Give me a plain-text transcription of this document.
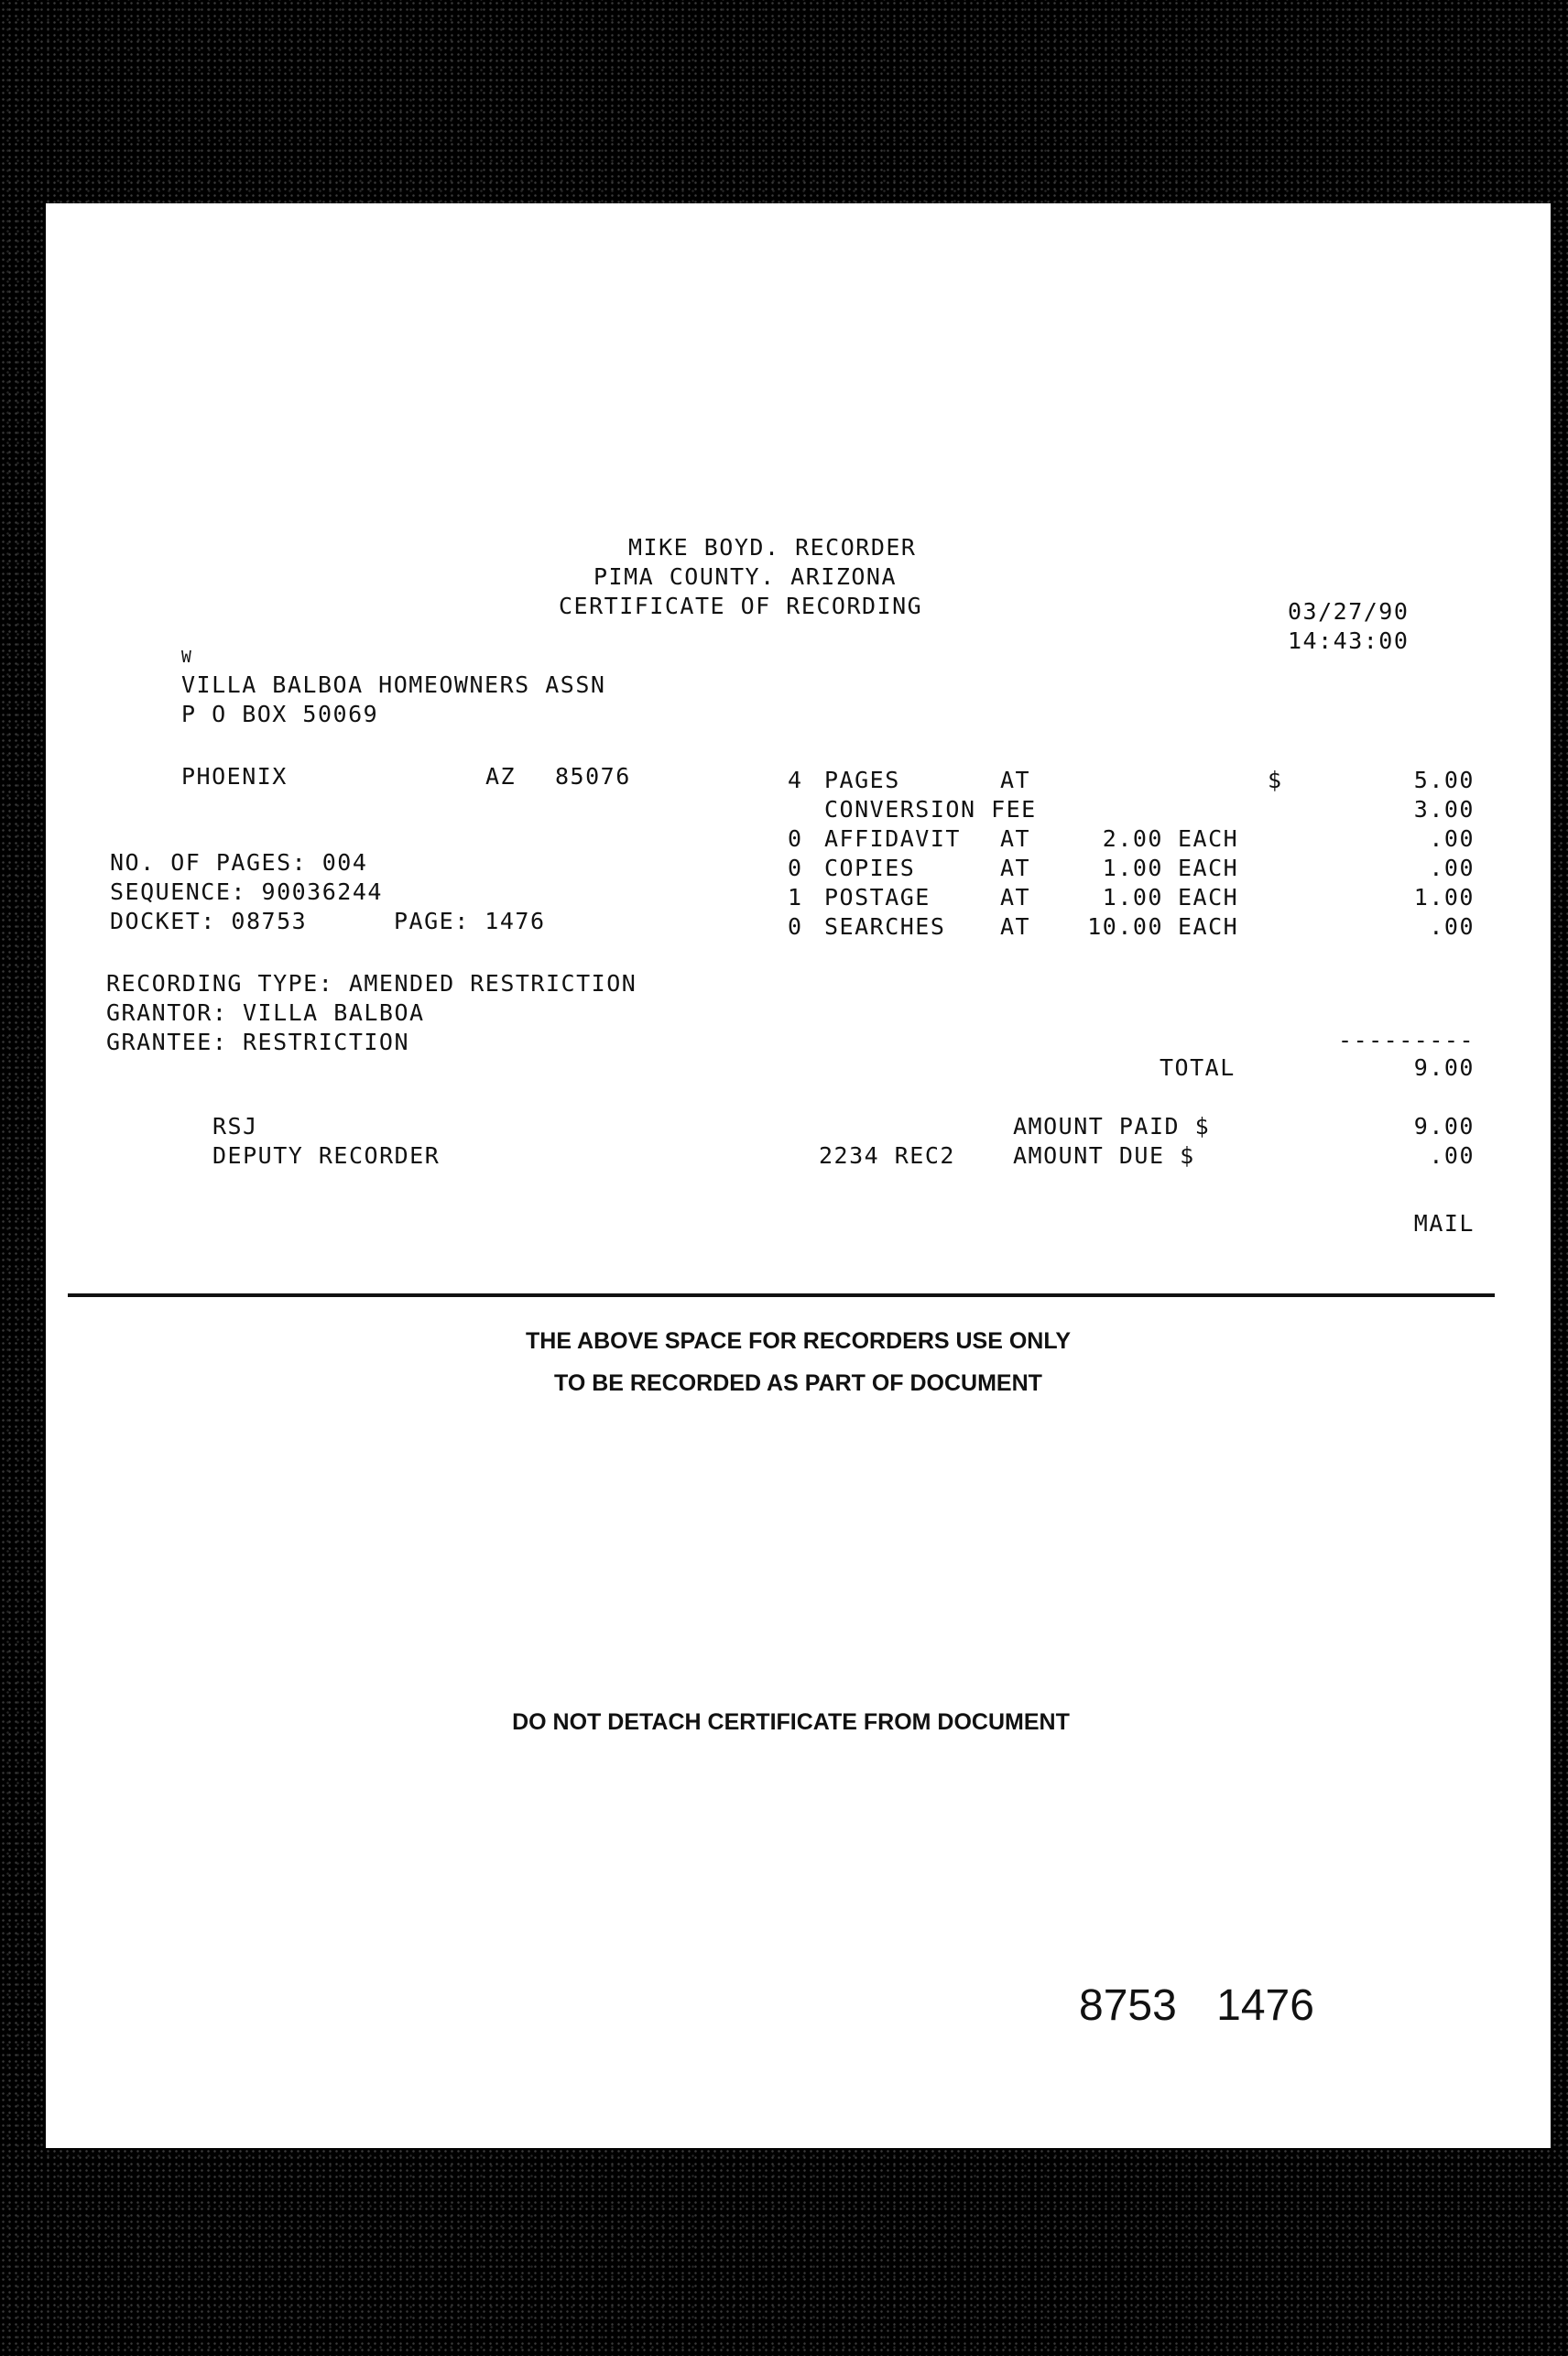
MIKE BOYD. RECORDER
PIMA COUNTY. ARIZONA
CERTIFICATE OF RECORDING	03/27/90
14:43:00
W
VILLA BALBOA HOMEOWNERS ASSN
P O BOX 50069
PHOENIX	AZ 85076
NO. OF PAGES: 004
SEQUENCE: 90036244
DOCKET: 08753	PAGE: 1476
RECORDING TYPE: AMENDED RESTRICTION
GRANTOR: VILLA BALBOA
GRANTEE: RESTRICTION
4 PAGES	AT	$	5.00
CONVERSION FEE	3.00
0 AFFIDAVIT AT	2.00 EACH	.00
0 COPIES	AT	1.00 EACH	.00
1 POSTAGE	AT	1.00 EACH	1.00
0 SEARCHES AT	10.00 EACH	.00
---------
TOTAL	9.00
RSJ
DEPUTY RECORDER	2234 REC2
AMOUNT PAID $	9.00
AMOUNT DUE $	.00
MAIL
THE ABOVE SPACE FOR RECORDERS USE ONLY
TO BE RECORDED AS PART OF DOCUMENT
DO NOT DETACH CERTIFICATE FROM DOCUMENT
8753 1476
